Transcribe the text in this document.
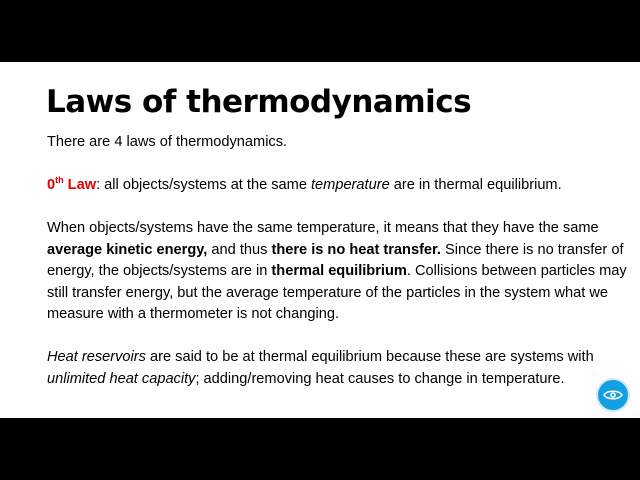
Laws of thermodynamics

There are 4 laws of thermodynamics.

0th Law: all objects/systems at the same temperature are in thermal equilibrium.

When objects/systems have the same temperature, it means that they have the same average kinetic energy, and thus there is no heat transfer. Since there is no transfer of energy, the objects/systems are in thermal equilibrium. Collisions between particles may still transfer energy, but the average temperature of the particles in the system what we measure with a thermometer is not changing.

Heat reservoirs are said to be at thermal equilibrium because these are systems with unlimited heat capacity; adding/removing heat causes to change in temperature.
